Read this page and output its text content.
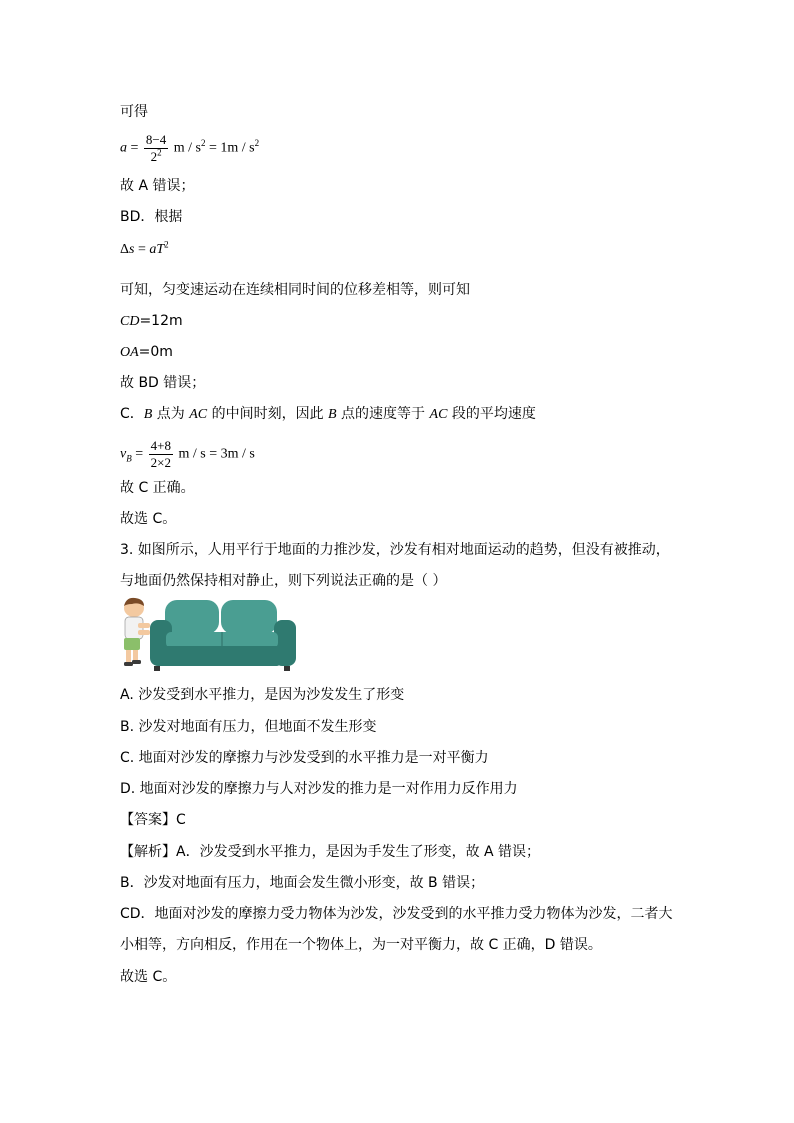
可得
$a = \frac{8-4}{2^2}$ $m / s^2 = 1m / s^2$
故 A 错误；
BD．根据
$\Delta s = aT^2$
可知，匀变速运动在连续相同时间的位移差相等，则可知
CD=12m
OA=0m
故 BD 错误；
C．B 点为 AC 的中间时刻，因此 B 点的速度等于 AC 段的平均速度
$v_B = \frac{4+8}{2\times 2}$ m / s = 3m / s
故 C 正确。
故选 C。
3. 如图所示，人用平行于地面的力推沙发，沙发有相对地面运动的趋势，但没有被推动，
与地面仍然保持相对静止，则下列说法正确的是（ ）
A. 沙发受到水平推力，是因为沙发发生了形变
B. 沙发对地面有压力，但地面不发生形变
C. 地面对沙发的摩擦力与沙发受到的水平推力是一对平衡力
D. 地面对沙发的摩擦力与人对沙发的推力是一对作用力反作用力
【答案】C
【解析】A．沙发受到水平推力，是因为手发生了形变，故 A 错误；
B．沙发对地面有压力，地面会发生微小形变，故 B 错误；
CD．地面对沙发的摩擦力受力物体为沙发，沙发受到的水平推力受力物体为沙发，二者大
小相等，方向相反，作用在一个物体上，为一对平衡力，故 C 正确，D 错误。
故选 C。
